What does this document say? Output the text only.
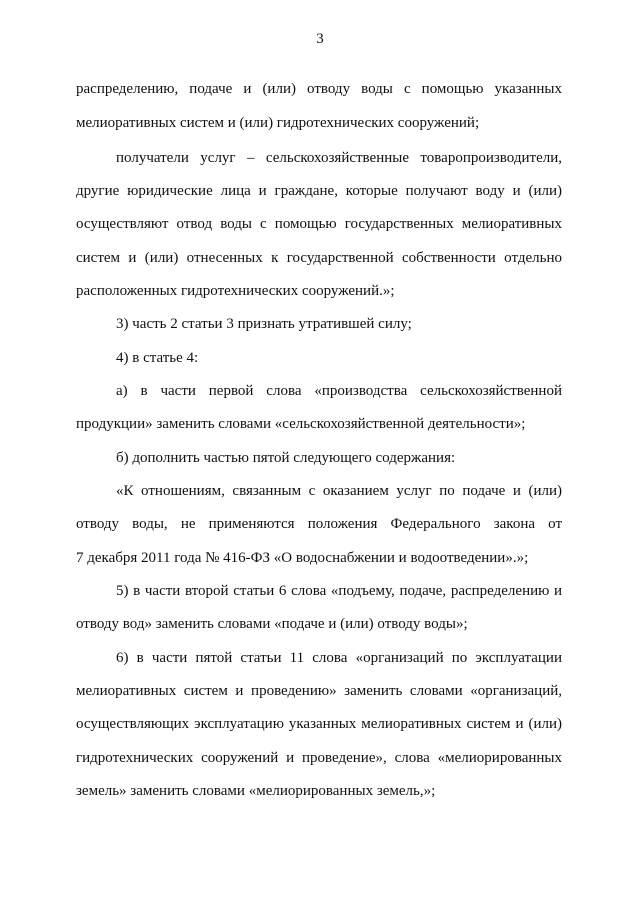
3
распределению, подаче и (или) отводу воды с помощью указанных
мелиоративных систем и (или) гидротехнических сооружений;
получатели услуг – сельскохозяйственные товаропроизводители,
другие юридические лица и граждане, которые получают воду и (или)
осуществляют отвод воды с помощью государственных мелиоративных
систем и (или) отнесенных к государственной собственности отдельно
расположенных гидротехнических сооружений.»;
3) часть 2 статьи 3 признать утратившей силу;
4) в статье 4:
а) в части первой слова «производства сельскохозяйственной
продукции» заменить словами «сельскохозяйственной деятельности»;
б) дополнить частью пятой следующего содержания:
«К отношениям, связанным с оказанием услуг по подаче и (или)
отводу воды, не применяются положения Федерального закона от
7 декабря 2011 года № 416-ФЗ «О водоснабжении и водоотведении».»;
5) в части второй статьи 6 слова «подъему, подаче, распределению и
отводу вод» заменить словами «подаче и (или) отводу воды»;
6) в части пятой статьи 11 слова «организаций по эксплуатации
мелиоративных систем и проведению» заменить словами «организаций,
осуществляющих эксплуатацию указанных мелиоративных систем и (или)
гидротехнических сооружений и проведение», слова «мелиорированных
земель» заменить словами «мелиорированных земель,»;
